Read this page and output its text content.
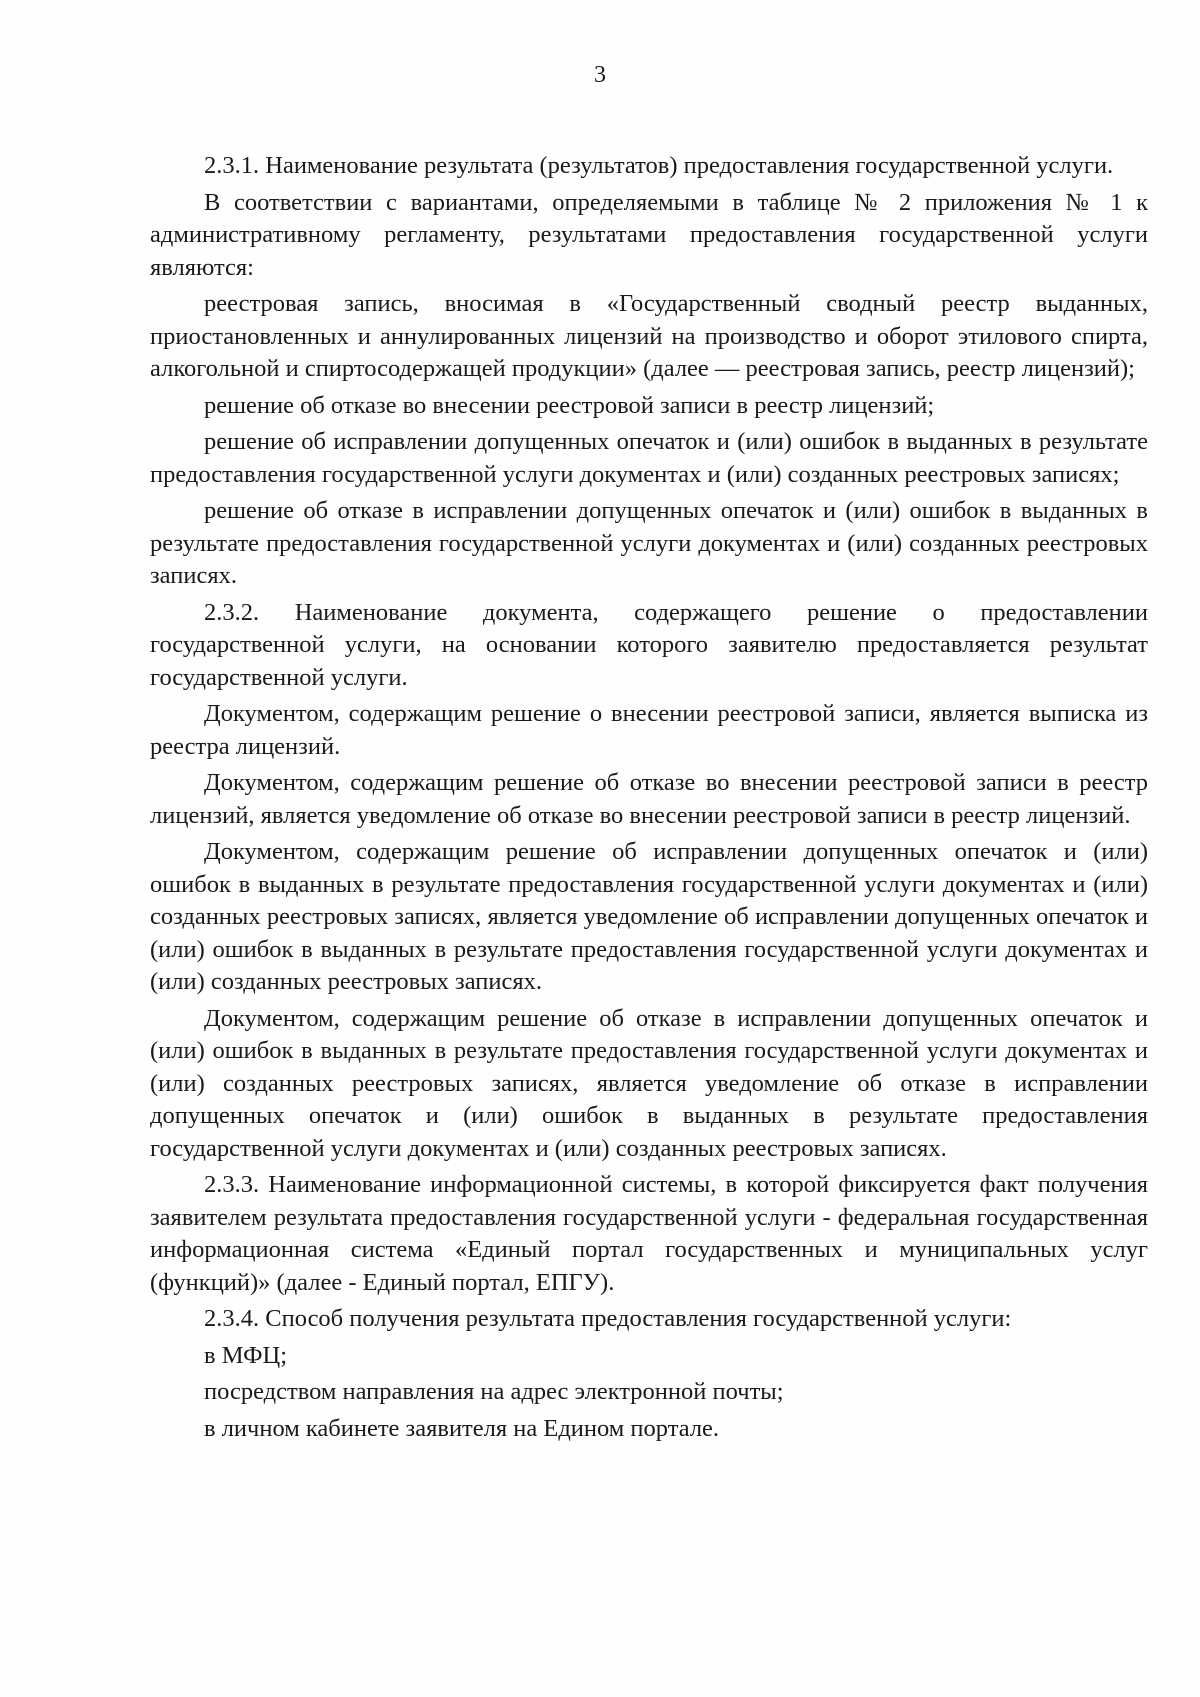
3

2.3.1. Наименование результата (результатов) предоставления государственной услуги.

В соответствии с вариантами, определяемыми в таблице № 2 приложения № 1 к административному регламенту, результатами предоставления государственной услуги являются:

реестровая запись, вносимая в «Государственный сводный реестр выданных, приостановленных и аннулированных лицензий на производство и оборот этилового спирта, алкогольной и спиртосодержащей продукции» (далее — реестровая запись, реестр лицензий);

решение об отказе во внесении реестровой записи в реестр лицензий;

решение об исправлении допущенных опечаток и (или) ошибок в выданных в результате предоставления государственной услуги документах и (или) созданных реестровых записях;

решение об отказе в исправлении допущенных опечаток и (или) ошибок в выданных в результате предоставления государственной услуги документах и (или) созданных реестровых записях.

2.3.2. Наименование документа, содержащего решение о предоставлении государственной услуги, на основании которого заявителю предоставляется результат государственной услуги.

Документом, содержащим решение о внесении реестровой записи, является выписка из реестра лицензий.

Документом, содержащим решение об отказе во внесении реестровой записи в реестр лицензий, является уведомление об отказе во внесении реестровой записи в реестр лицензий.

Документом, содержащим решение об исправлении допущенных опечаток и (или) ошибок в выданных в результате предоставления государственной услуги документах и (или) созданных реестровых записях, является уведомление об исправлении допущенных опечаток и (или) ошибок в выданных в результате предоставления государственной услуги документах и (или) созданных реестровых записях.

Документом, содержащим решение об отказе в исправлении допущенных опечаток и (или) ошибок в выданных в результате предоставления государственной услуги документах и (или) созданных реестровых записях, является уведомление об отказе в исправлении допущенных опечаток и (или) ошибок в выданных в результате предоставления государственной услуги документах и (или) созданных реестровых записях.

2.3.3. Наименование информационной системы, в которой фиксируется факт получения заявителем результата предоставления государственной услуги - федеральная государственная информационная система «Единый портал государственных и муниципальных услуг (функций)» (далее - Единый портал, ЕПГУ).

2.3.4. Способ получения результата предоставления государственной услуги:

в МФЦ;

посредством направления на адрес электронной почты;

в личном кабинете заявителя на Едином портале.
